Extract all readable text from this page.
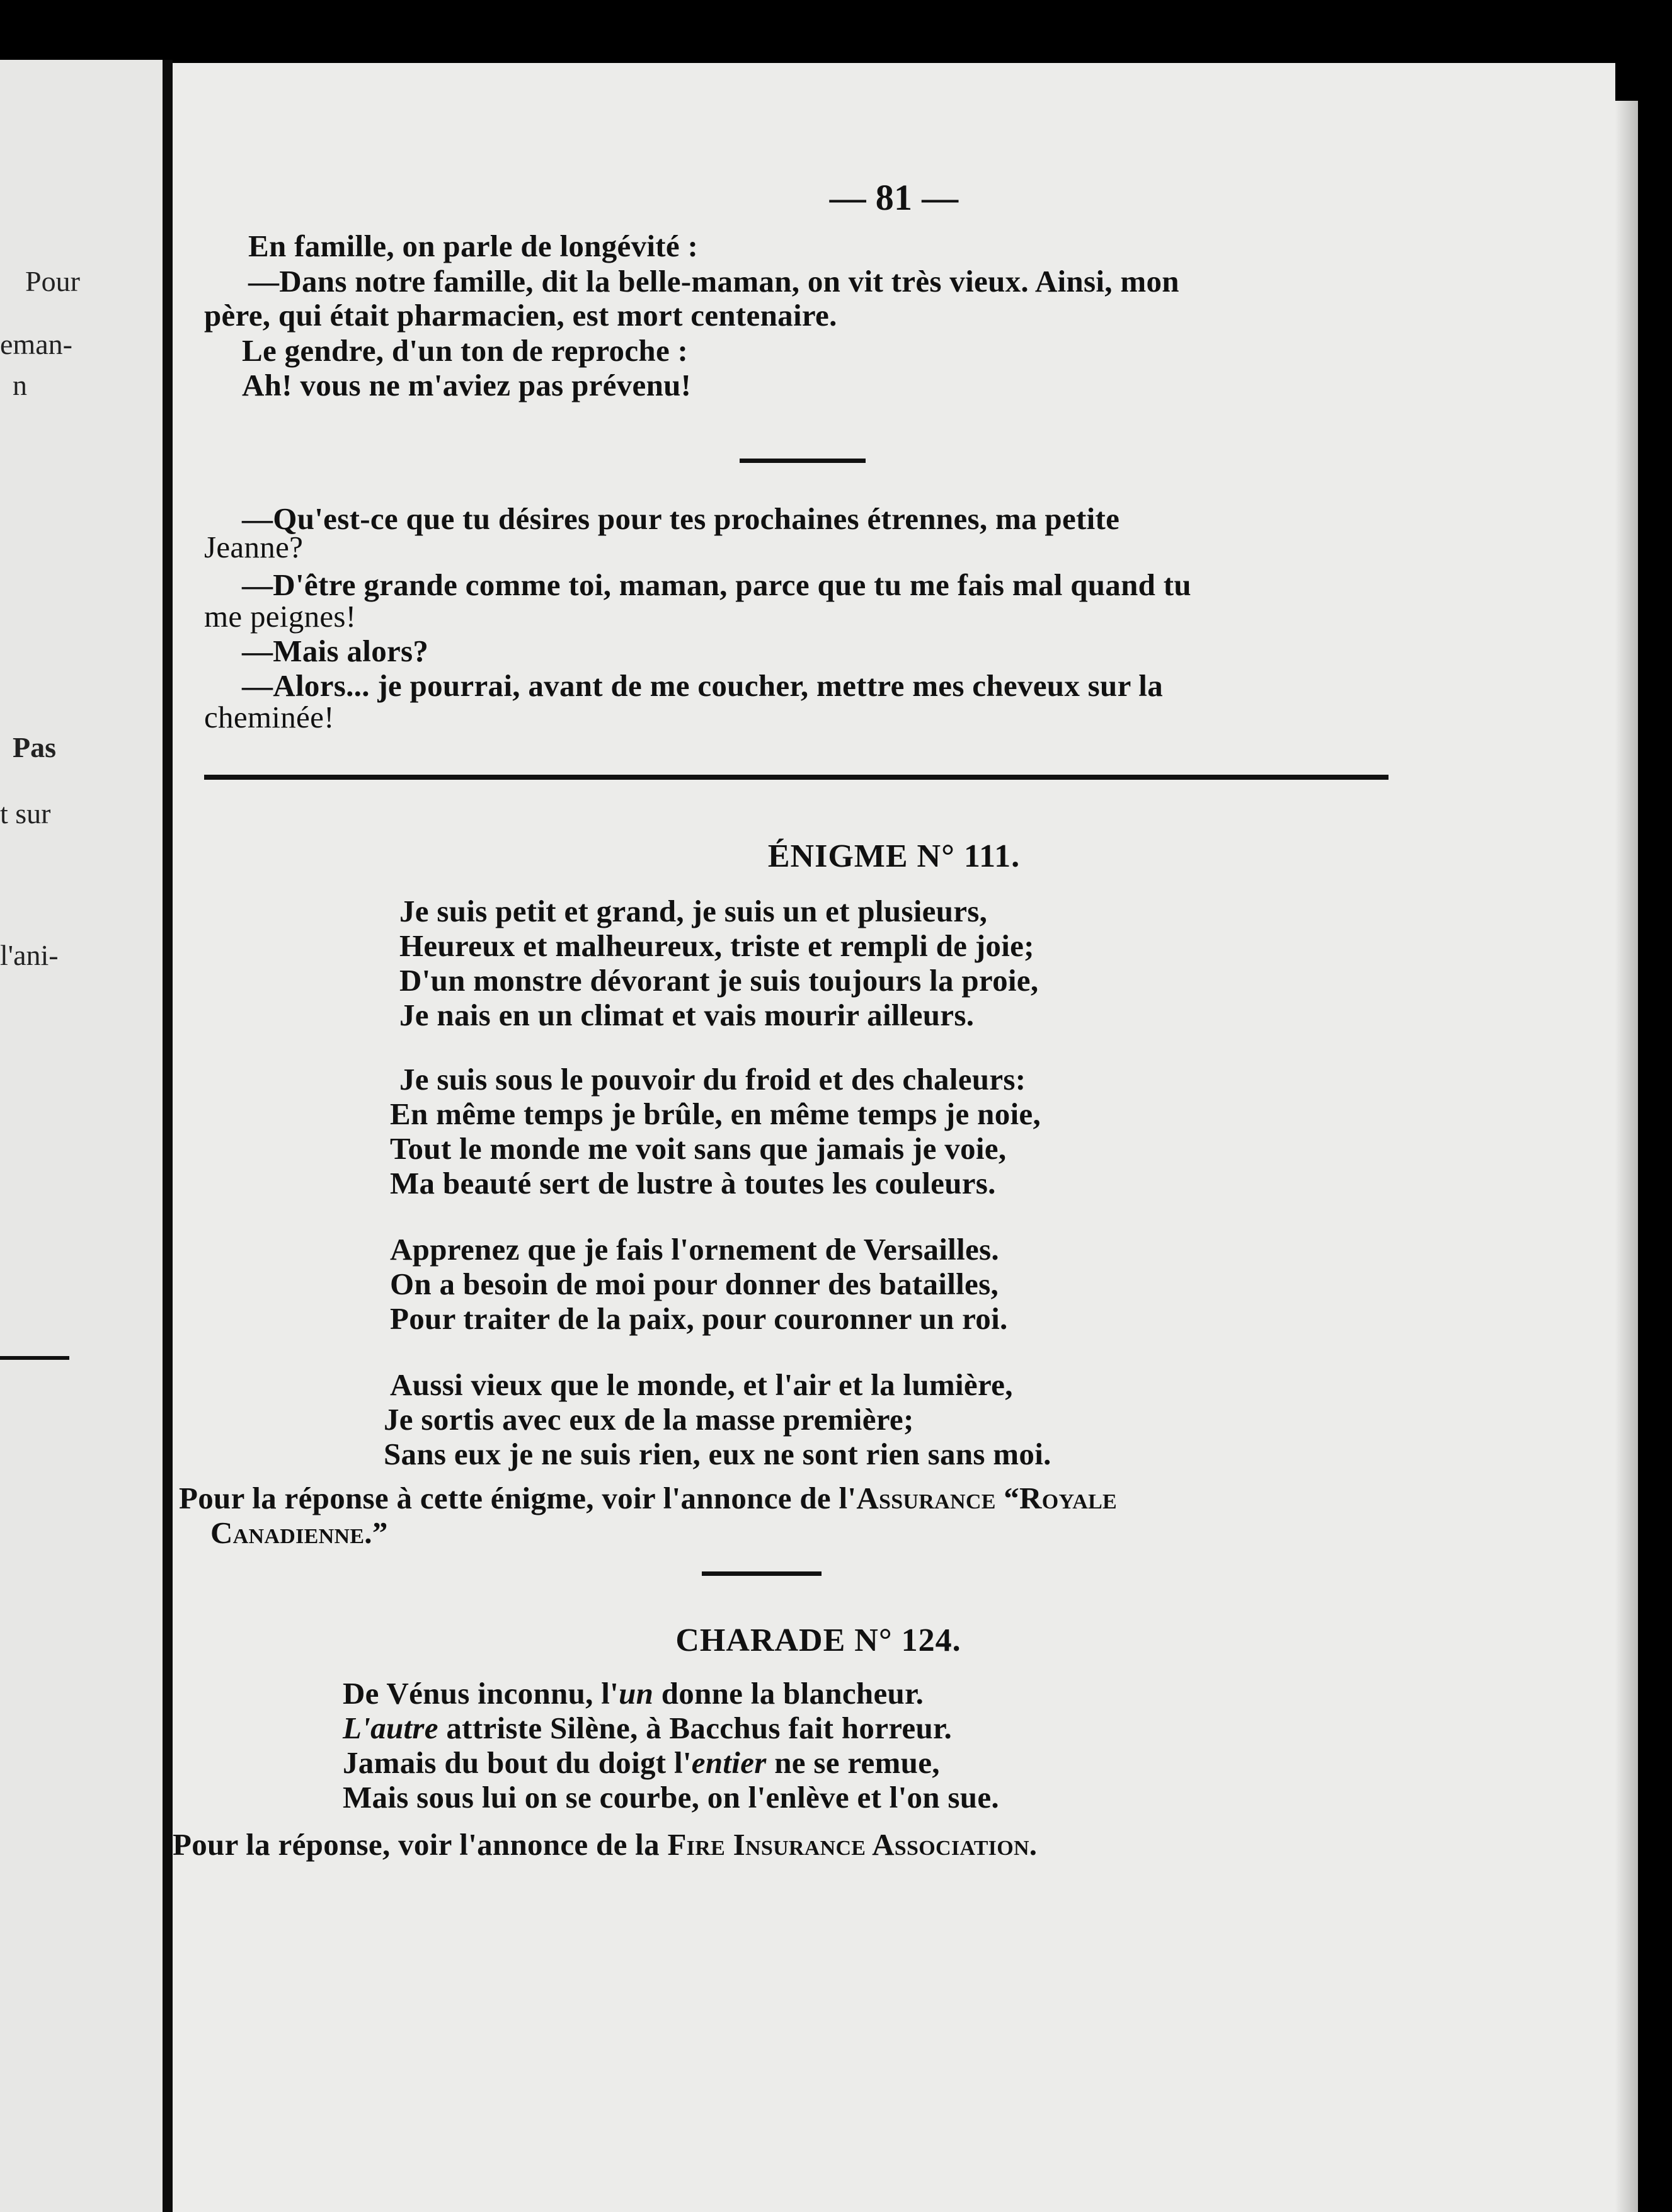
Pour
eman-
n
Pas
t sur
l'ani-
— 81 —
En famille, on parle de longévité :
—Dans notre famille, dit la belle-maman, on vit très vieux. Ainsi, mon
père, qui était pharmacien, est mort centenaire.
Le gendre, d'un ton de reproche :
Ah! vous ne m'aviez pas prévenu!
—Qu'est-ce que tu désires pour tes prochaines étrennes, ma petite
Jeanne?
—D'être grande comme toi, maman, parce que tu me fais mal quand tu
me peignes!
—Mais alors?
—Alors... je pourrai, avant de me coucher, mettre mes cheveux sur la
cheminée!
ÉNIGME N° 111.
Je suis petit et grand, je suis un et plusieurs,
Heureux et malheureux, triste et rempli de joie;
D'un monstre dévorant je suis toujours la proie,
Je nais en un climat et vais mourir ailleurs.
Je suis sous le pouvoir du froid et des chaleurs:
En même temps je brûle, en même temps je noie,
Tout le monde me voit sans que jamais je voie,
Ma beauté sert de lustre à toutes les couleurs.
Apprenez que je fais l'ornement de Versailles.
On a besoin de moi pour donner des batailles,
Pour traiter de la paix, pour couronner un roi.
Aussi vieux que le monde, et l'air et la lumière,
Je sortis avec eux de la masse première;
Sans eux je ne suis rien, eux ne sont rien sans moi.
Pour la réponse à cette énigme, voir l'annonce de l'Assurance “Royale
Canadienne.”
CHARADE N° 124.
De Vénus inconnu, l'un donne la blancheur.
L'autre attriste Silène, à Bacchus fait horreur.
Jamais du bout du doigt l'entier ne se remue,
Mais sous lui on se courbe, on l'enlève et l'on sue.
Pour la réponse, voir l'annonce de la Fire Insurance Association.
